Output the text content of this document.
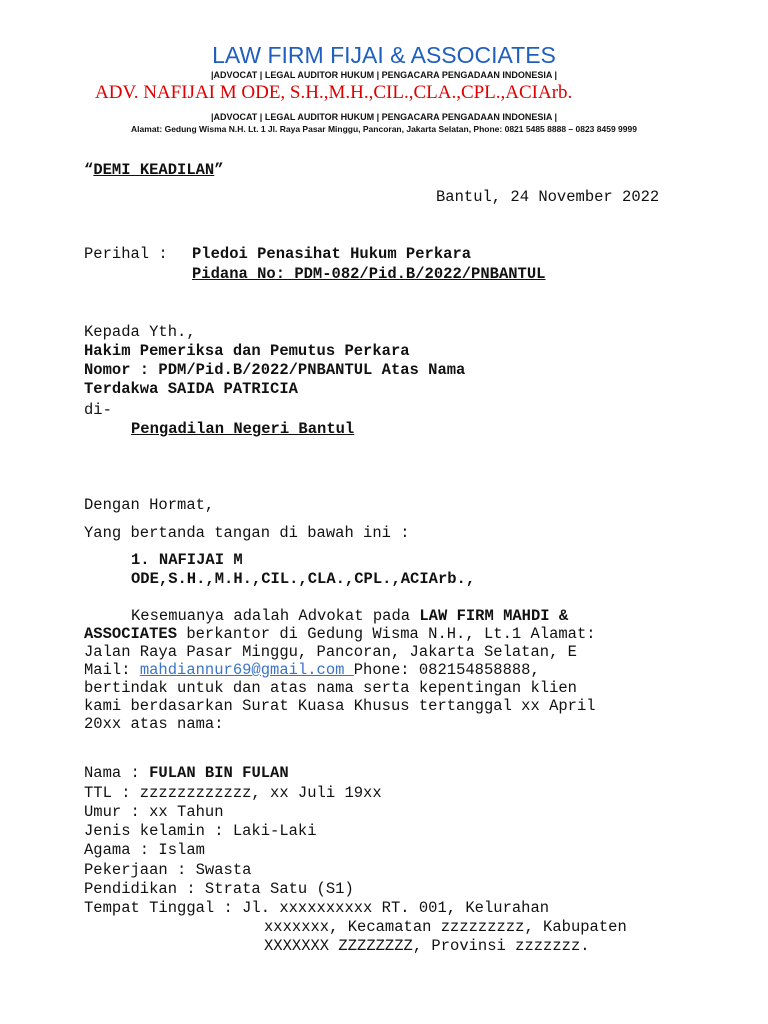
LAW FIRM FIJAI & ASSOCIATES
|ADVOCAT | LEGAL AUDITOR HUKUM | PENGACARA PENGADAAN INDONESIA |
ADV. NAFIJAI M ODE, S.H.,M.H.,CIL.,CLA.,CPL.,ACIArb.
|ADVOCAT | LEGAL AUDITOR HUKUM | PENGACARA PENGADAAN INDONESIA |
Alamat: Gedung Wisma N.H. Lt. 1 Jl. Raya Pasar Minggu, Pancoran, Jakarta Selatan, Phone: 0821 5485 8888 – 0823 8459 9999
“DEMI KEADILAN”
Bantul, 24 November 2022
Perihal : Pledoi Penasihat Hukum Perkara
Pidana No: PDM-082/Pid.B/2022/PNBANTUL
Kepada Yth.,
Hakim Pemeriksa dan Pemutus Perkara
Nomor : PDM/Pid.B/2022/PNBANTUL Atas Nama
Terdakwa SAIDA PATRICIA
di-
Pengadilan Negeri Bantul
Dengan Hormat,
Yang bertanda tangan di bawah ini :
1. NAFIJAI M
ODE,S.H.,M.H.,CIL.,CLA.,CPL.,ACIArb.,
Kesemuanya adalah Advokat pada LAW FIRM MAHDI &
ASSOCIATES berkantor di Gedung Wisma N.H., Lt.1 Alamat:
Jalan Raya Pasar Minggu, Pancoran, Jakarta Selatan, E
Mail: mahdiannur69@gmail.com Phone: 082154858888,
bertindak untuk dan atas nama serta kepentingan klien
kami berdasarkan Surat Kuasa Khusus tertanggal xx April
20xx atas nama:
Nama : FULAN BIN FULAN
TTL : zzzzzzzzzzzz, xx Juli 19xx
Umur : xx Tahun
Jenis kelamin : Laki-Laki
Agama : Islam
Pekerjaan : Swasta
Pendidikan : Strata Satu (S1)
Tempat Tinggal : Jl. xxxxxxxxxx RT. 001, Kelurahan
xxxxxxx, Kecamatan zzzzzzzzz, Kabupaten
XXXXXXX ZZZZZZZZ, Provinsi zzzzzzz.
